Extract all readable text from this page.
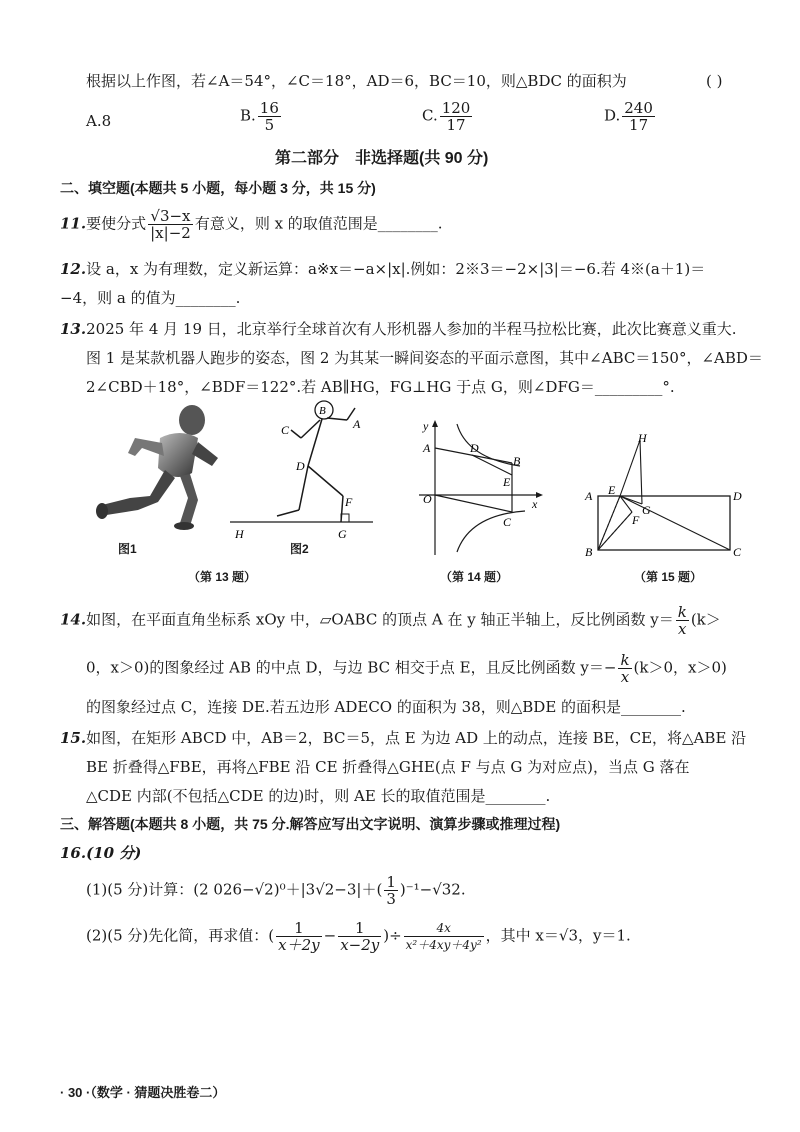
根据以上作图，若∠A＝54°，∠C＝18°，AD＝6，BC＝10，则△BDC 的面积为	( )
A.8	B. $\frac{16}{5}$	C. $\frac{120}{17}$	D. $\frac{240}{17}$
第二部分　非选择题(共 90 分)
二、填空题(本题共 5 小题，每小题 3 分，共 15 分)
11.要使分式 $\frac{√3-x}{|x|-2}$ 有意义，则 x 的取值范围是________.
12.设 a，x 为有理数，定义新运算：a※x＝−a×|x|.例如：2※3＝−2×|3|＝−6.若 4※(a＋1)＝
−4，则 a 的值为________.
13.2025 年 4 月 19 日，北京举行全球首次有人形机器人参加的半程马拉松比赛，此次比赛意义重大.
图 1 是某款机器人跑步的姿态，图 2 为其某一瞬间姿态的平面示意图，其中∠ABC＝150°，∠ABD＝
2∠CBD＋18°，∠BDF＝122°.若 AB∥HG，FG⊥HG 于点 G，则∠DFG＝_________°.
图1
B
C	A
D
F
H	G
图2
（第 13 题）
y
x
O
A	D
B
E
C
（第 14 题）
A	D
B	C
E
H
G
F
（第 15 题）
14.如图，在平面直角坐标系 xOy 中，▱OABC 的顶点 A 在 y 轴正半轴上，反比例函数 $y= \frac{k}{x} (k>$
0，x＞0)的图象经过 AB 的中点 D，与边 BC 相交于点 E，且反比例函数 $y=- \frac{k}{x} (k>0$，x＞0)
的图象经过点 C，连接 DE.若五边形 ADECO 的面积为 38，则△BDE 的面积是________.
15.如图，在矩形 ABCD 中，AB＝2，BC＝5，点 E 为边 AD 上的动点，连接 BE，CE，将△ABE 沿
BE 折叠得△FBE，再将△FBE 沿 CE 折叠得△GHE(点 F 与点 G 为对应点)，当点 G 落在
△CDE 内部(不包括△CDE 的边)时，则 AE 长的取值范围是________.
三、解答题(本题共 8 小题，共 75 分.解答应写出文字说明、演算步骤或推理过程)
16.(10 分)
(1)(5 分)计算：(2 $026-√2)^0+|3√2-3|+( \frac{1}{3} )^{-1}-√32$.
(2)(5 分)先化简，再求值：( $\frac{1}{x+2y} - \frac{1}{x-2y}$ )÷ $\frac{4x}{\text{x²＋4xy＋4y²}}$ ，其中 x＝√3，y＝1.
· 30 ·（数学 · 猜题决胜卷二）
